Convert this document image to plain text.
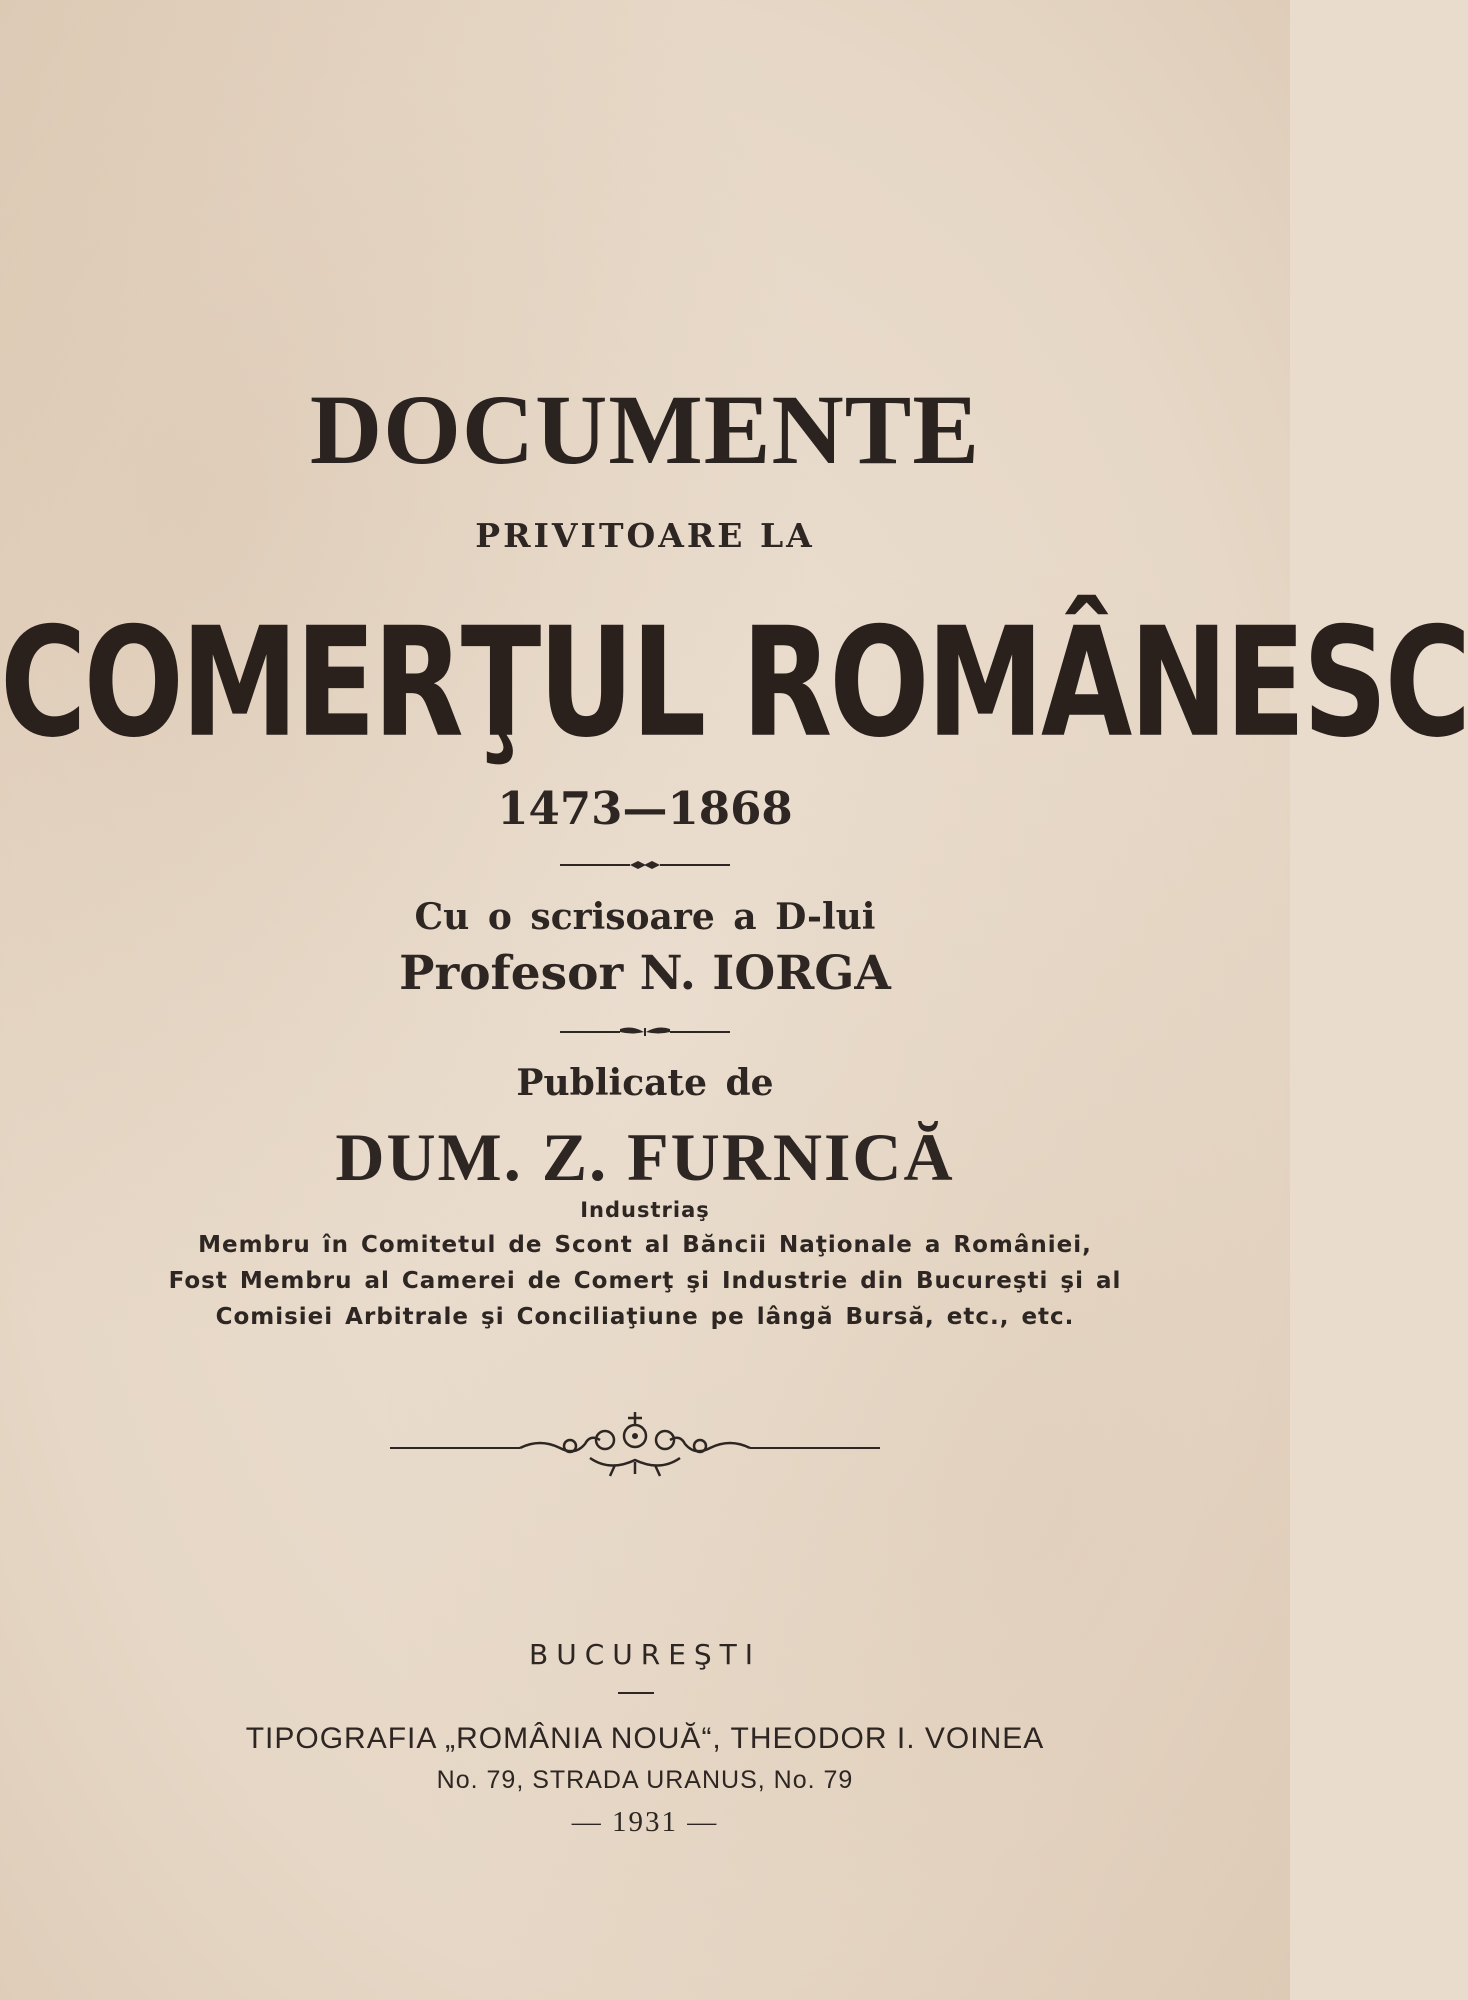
DOCUMENTE
PRIVITOARE LA
COMERŢUL ROMÂNESC
1473—1868
Cu o scrisoare a D-lui
Profesor N. IORGA
Publicate de
DUM. Z. FURNICĂ
Industriaş
Membru în Comitetul de Scont al Băncii Naţionale a României,
Fost Membru al Camerei de Comerţ şi Industrie din Bucureşti şi al
Comisiei Arbitrale şi Conciliaţiune pe lângă Bursă, etc., etc.
BUCUREŞTI
TIPOGRAFIA „ROMÂNIA NOUĂ“, THEODOR I. VOINEA
No. 79, STRADA URANUS, No. 79
— 1931 —
